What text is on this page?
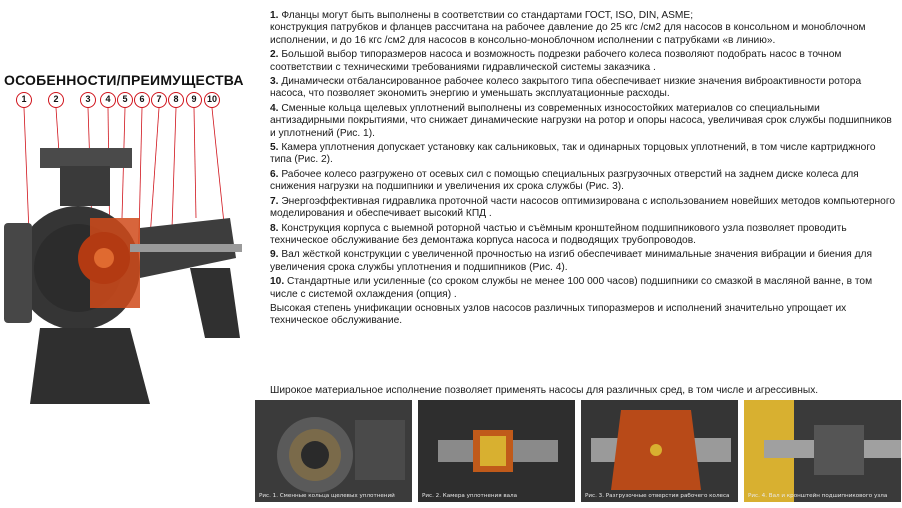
ОСОБЕННОСТИ/ПРЕИМУЩЕСТВА
1	2	3	4	5	6	7	8	9	10
1. Фланцы могут быть выполнены в соответствии со стандартами ГОСТ, ISO, DIN, ASME;
конструкция патрубков и фланцев рассчитана на рабочее давление до 25 кгс /см2 для насосов в консольном и моноблочном исполнении, и до 16 кгс /см2 для насосов в консольно-моноблочном исполнении с патрубками «в линию».
2. Большой выбор типоразмеров насоса и возможность подрезки рабочего колеса позволяют подобрать насос в точном соответствии с техническими требованиями гидравлической системы заказчика .
3. Динамически отбалансированное рабочее колесо закрытого типа обеспечивает низкие значения виброактивности ротора насоса, что позволяет экономить энергию и уменьшать эксплуатационные расходы.
4. Сменные кольца щелевых уплотнений выполнены из современных износостойких материалов со специальными антизадирными покрытиями, что снижает динамические нагрузки на ротор и опоры насоса, увеличивая срок службы подшипников и уплотнений (Рис. 1).
5. Камера уплотнения допускает установку как сальниковых, так и одинарных торцовых уплотнений, в том числе картриджного типа (Рис. 2).
6. Рабочее колесо разгружено от осевых сил с помощью специальных разгрузочных отверстий на заднем диске колеса для снижения нагрузки на подшипники и увеличения их срока службы (Рис. 3).
7. Энергоэффективная гидравлика проточной части насосов оптимизирована с использованием новейших методов компьютерного моделирования и обеспечивает высокий КПД .
8. Конструкция корпуса с выемной роторной частью и съёмным кронштейном подшипникового узла позволяет проводить техническое обслуживание без демонтажа корпуса насоса и подводящих трубопроводов.
9. Вал жёсткой конструкции с увеличенной прочностью на изгиб обеспечивает минимальные значения вибрации и биения для увеличения срока службы уплотнения и подшипников (Рис. 4).
10. Стандартные или усиленные (со сроком службы не менее 100 000 часов) подшипники со смазкой в масляной ванне, в том числе с системой охлаждения (опция) .
Высокая степень унификации основных узлов насосов различных типоразмеров и исполнений значительно упрощает их техническое обслуживание.
Широкое материальное исполнение позволяет применять насосы для различных сред, в том числе и агрессивных.
Рис. 1. Сменные кольца щелевых уплотнений	Рис. 2. Камера уплотнения вала	Рис. 3. Разгрузочные отверстия рабочего колеса	Рис. 4. Вал и кронштейн подшипникового узла
